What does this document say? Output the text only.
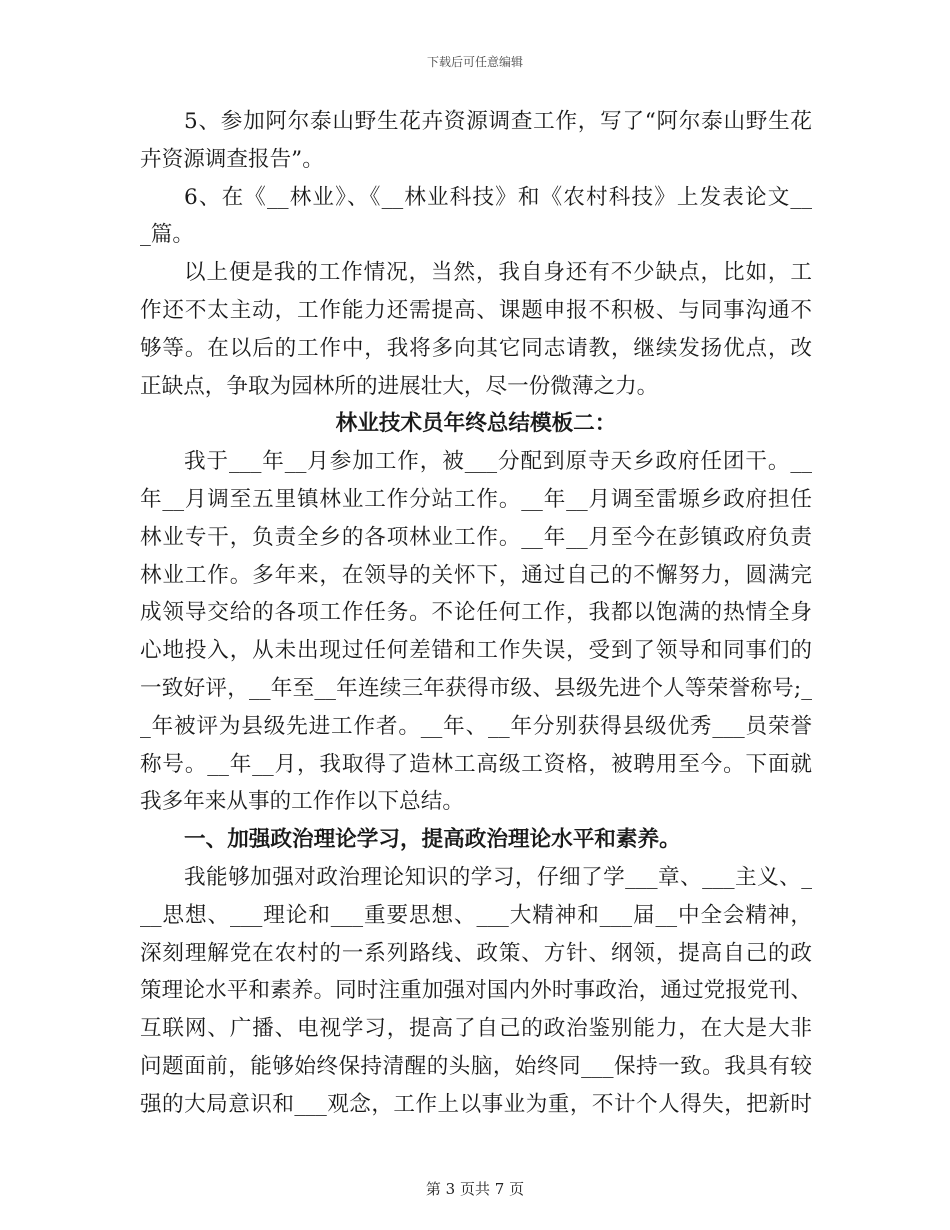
下载后可任意编辑
5、参加阿尔泰山野生花卉资源调查工作，写了“阿尔泰山野生花
卉资源调查报告”。
6、在《__林业》、《__林业科技》和《农村科技》上发表论文__
_篇。
以上便是我的工作情况，当然，我自身还有不少缺点，比如，工
作还不太主动，工作能力还需提高、课题申报不积极、与同事沟通不
够等。在以后的工作中，我将多向其它同志请教，继续发扬优点，改
正缺点，争取为园林所的进展壮大，尽一份微薄之力。
林业技术员年终总结模板二：
我于___年__月参加工作，被___分配到原寺天乡政府任团干。__
年__月调至五里镇林业工作分站工作。__年__月调至雷塬乡政府担任
林业专干，负责全乡的各项林业工作。__年__月至今在彭镇政府负责
林业工作。多年来，在领导的关怀下，通过自己的不懈努力，圆满完
成领导交给的各项工作任务。不论任何工作，我都以饱满的热情全身
心地投入，从未出现过任何差错和工作失误，受到了领导和同事们的
一致好评，__年至__年连续三年获得市级、县级先进个人等荣誉称号;_
_年被评为县级先进工作者。__年、__年分别获得县级优秀___员荣誉
称号。__年__月，我取得了造林工高级工资格，被聘用至今。下面就
我多年来从事的工作作以下总结。
一、加强政治理论学习，提高政治理论水平和素养。
我能够加强对政治理论知识的学习，仔细了学___章、___主义、_
__思想、___理论和___重要思想、___大精神和___届__中全会精神，
深刻理解党在农村的一系列路线、政策、方针、纲领，提高自己的政
策理论水平和素养。同时注重加强对国内外时事政治，通过党报党刊、
互联网、广播、电视学习，提高了自己的政治鉴别能力，在大是大非
问题面前，能够始终保持清醒的头脑，始终同___保持一致。我具有较
强的大局意识和___观念，工作上以事业为重，不计个人得失，把新时
第 3 页共 7 页
